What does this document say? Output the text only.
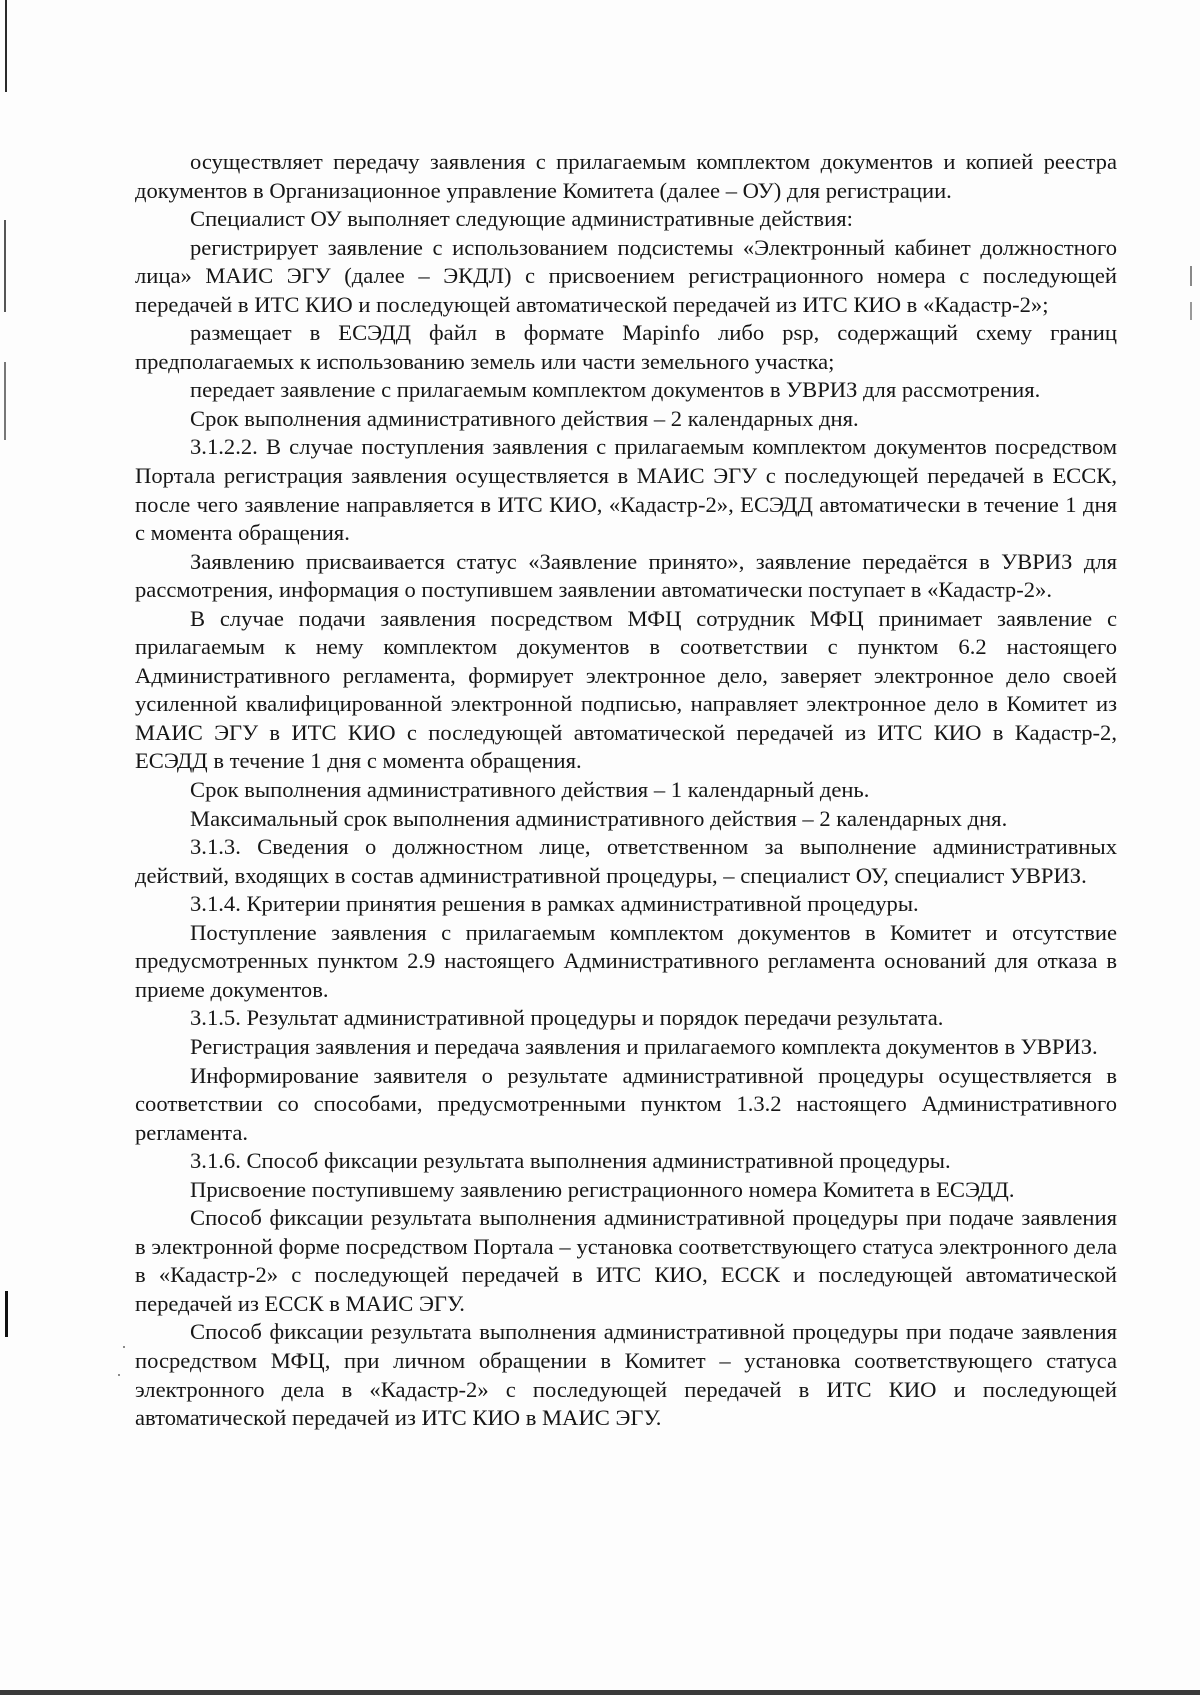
осуществляет передачу заявления с прилагаемым комплектом документов и копией реестра документов в Организационное управление Комитета (далее – ОУ) для регистрации.

Специалист ОУ выполняет следующие административные действия:

регистрирует заявление с использованием подсистемы «Электронный кабинет должностного лица» МАИС ЭГУ (далее – ЭКДЛ) с присвоением регистрационного номера с последующей передачей в ИТС КИО и последующей автоматической передачей из ИТС КИО в «Кадастр-2»;

размещает в ЕСЭДД файл в формате Mapinfo либо psp, содержащий схему границ предполагаемых к использованию земель или части земельного участка;

передает заявление с прилагаемым комплектом документов в УВРИЗ для рассмотрения.

Срок выполнения административного действия – 2 календарных дня.

3.1.2.2. В случае поступления заявления с прилагаемым комплектом документов посредством Портала регистрация заявления осуществляется в МАИС ЭГУ с последующей передачей в ЕССК, после чего заявление направляется в ИТС КИО, «Кадастр-2», ЕСЭДД автоматически в течение 1 дня с момента обращения.

Заявлению присваивается статус «Заявление принято», заявление передаётся в УВРИЗ для рассмотрения, информация о поступившем заявлении автоматически поступает в «Кадастр-2».

В случае подачи заявления посредством МФЦ сотрудник МФЦ принимает заявление с прилагаемым к нему комплектом документов в соответствии с пунктом 6.2 настоящего Административного регламента, формирует электронное дело, заверяет электронное дело своей усиленной квалифицированной электронной подписью, направляет электронное дело в Комитет из МАИС ЭГУ в ИТС КИО с последующей автоматической передачей из ИТС КИО в Кадастр-2, ЕСЭДД в течение 1 дня с момента обращения.

Срок выполнения административного действия – 1 календарный день.

Максимальный срок выполнения административного действия – 2 календарных дня.

3.1.3. Сведения о должностном лице, ответственном за выполнение административных действий, входящих в состав административной процедуры, – специалист ОУ, специалист УВРИЗ.

3.1.4. Критерии принятия решения в рамках административной процедуры.

Поступление заявления с прилагаемым комплектом документов в Комитет и отсутствие предусмотренных пунктом 2.9 настоящего Административного регламента оснований для отказа в приеме документов.

3.1.5. Результат административной процедуры и порядок передачи результата.

Регистрация заявления и передача заявления и прилагаемого комплекта документов в УВРИЗ.

Информирование заявителя о результате административной процедуры осуществляется в соответствии со способами, предусмотренными пунктом 1.3.2 настоящего Административного регламента.

3.1.6. Способ фиксации результата выполнения административной процедуры.

Присвоение поступившему заявлению регистрационного номера Комитета в ЕСЭДД.

Способ фиксации результата выполнения административной процедуры при подаче заявления в электронной форме посредством Портала – установка соответствующего статуса электронного дела в «Кадастр-2» с последующей передачей в ИТС КИО, ЕССК и последующей автоматической передачей из ЕССК в МАИС ЭГУ.

Способ фиксации результата выполнения административной процедуры при подаче заявления посредством МФЦ, при личном обращении в Комитет – установка соответствующего статуса электронного дела в «Кадастр-2» с последующей передачей в ИТС КИО и последующей автоматической передачей из ИТС КИО в МАИС ЭГУ.
